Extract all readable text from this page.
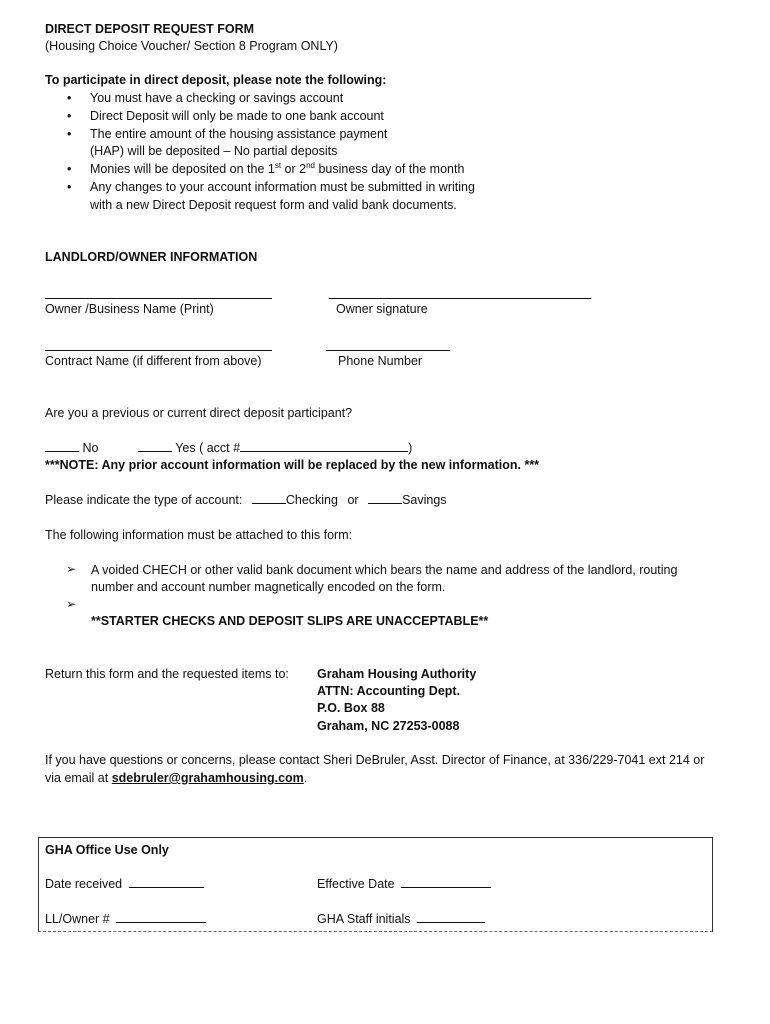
DIRECT DEPOSIT REQUEST FORM
(Housing Choice Voucher/ Section 8 Program ONLY)
To participate in direct deposit, please note the following:
• You must have a checking or savings account
• Direct Deposit will only be made to one bank account
• The entire amount of the housing assistance payment
(HAP) will be deposited – No partial deposits
• Monies will be deposited on the 1st or 2nd business day of the month
• Any changes to your account information must be submitted in writing
with a new Direct Deposit request form and valid bank documents.
LANDLORD/OWNER INFORMATION
Owner /Business Name (Print)	Owner signature
Contract Name (if different from above)	Phone Number
Are you a previous or current direct deposit participant?
No	Yes ( acct #	)
***NOTE: Any prior account information will be replaced by the new information. ***
Please indicate the type of account:	Checking or	Savings
The following information must be attached to this form:
➢ A voided CHECH or other valid bank document which bears the name and address of the landlord, routing
number and account number magnetically encoded on the form.
➢
**STARTER CHECKS AND DEPOSIT SLIPS ARE UNACCEPTABLE**
Return this form and the requested items to: Graham Housing Authority
ATTN: Accounting Dept.
P.O. Box 88
Graham, NC 27253-0088
If you have questions or concerns, please contact Sheri DeBruler, Asst. Director of Finance, at 336/229-7041 ext 214 or
via email at sdebruler@grahamhousing.com.
GHA Office Use Only
Date received	Effective Date
LL/Owner #	GHA Staff initials
